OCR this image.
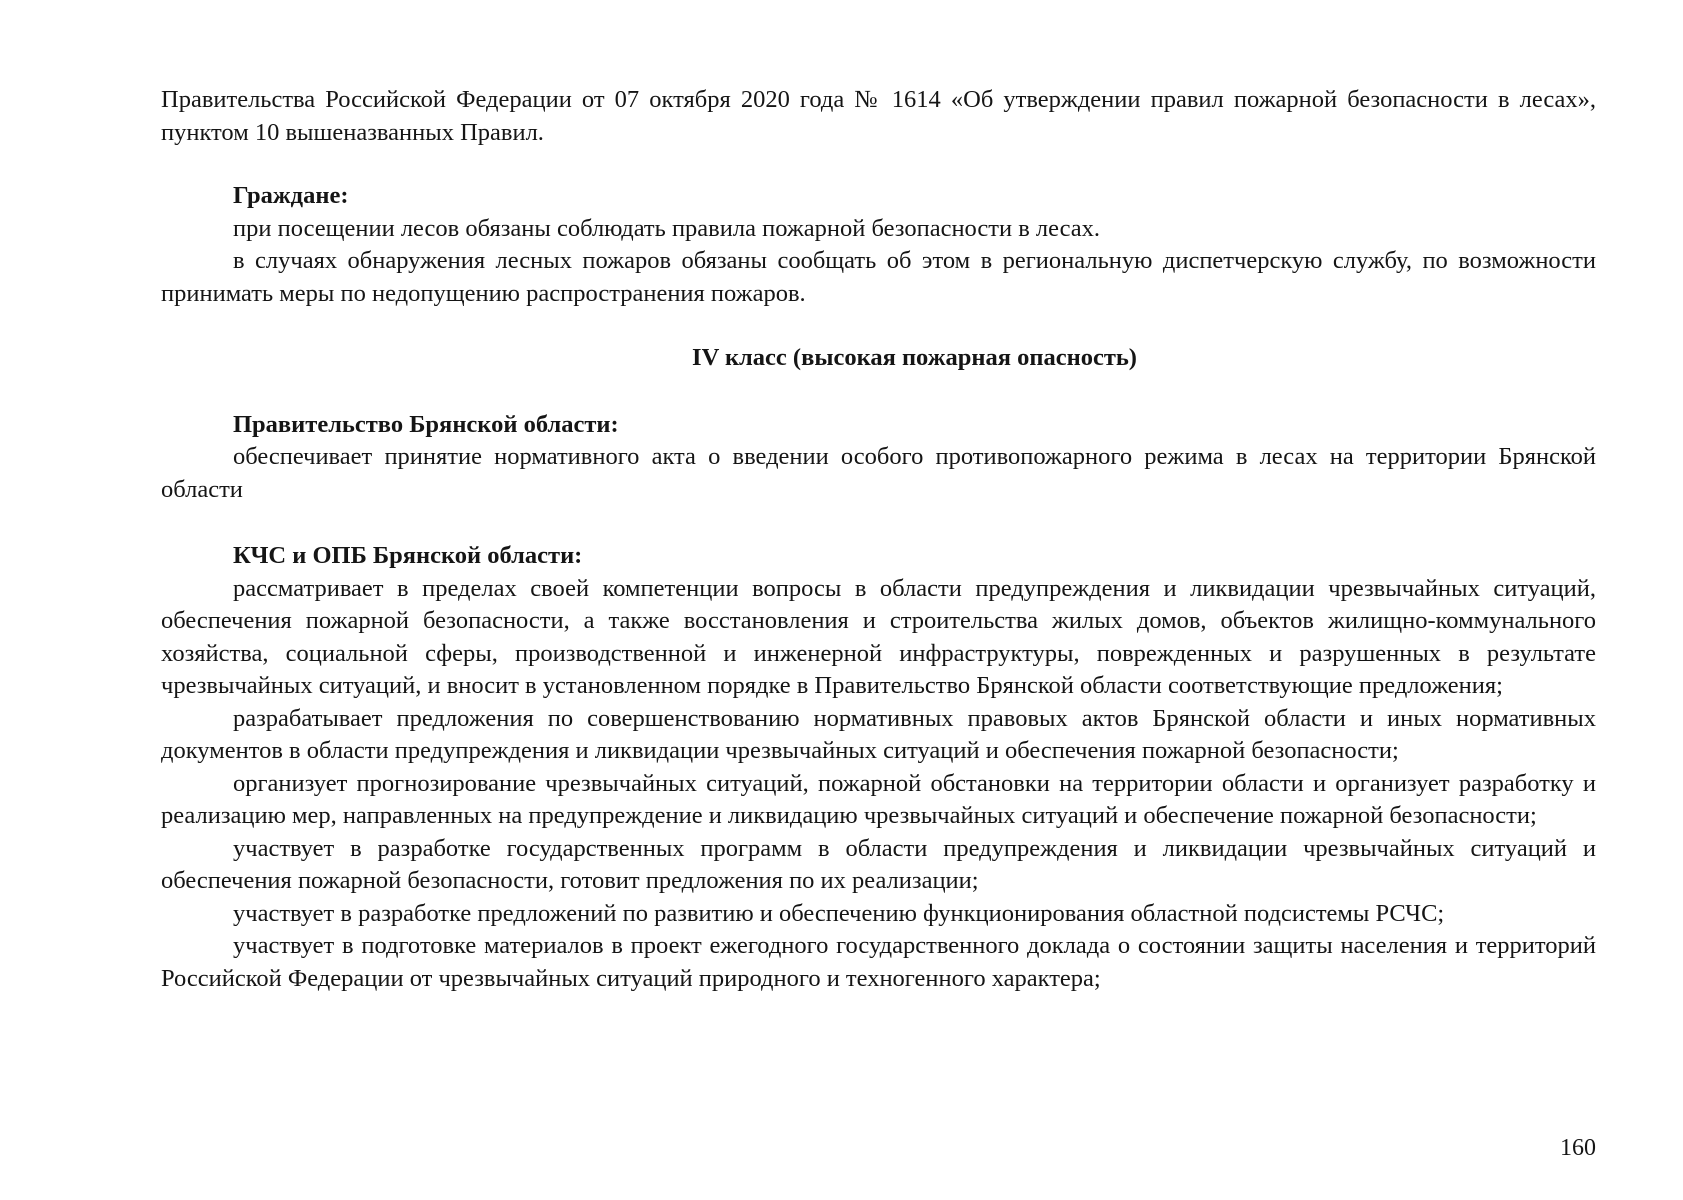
Правительства Российской Федерации от 07 октября 2020 года № 1614 «Об утверждении правил пожарной безопасности в лесах», пунктом 10 вышеназванных Правил.

Граждане:

при посещении лесов обязаны соблюдать правила пожарной безопасности в лесах.

в случаях обнаружения лесных пожаров обязаны сообщать об этом в региональную диспетчерскую службу, по возможности принимать меры по недопущению распространения пожаров.

IV класс (высокая пожарная опасность)
Правительство Брянской области:

обеспечивает принятие нормативного акта о введении особого противопожарного режима в лесах на территории Брянской области

КЧС и ОПБ Брянской области:

рассматривает в пределах своей компетенции вопросы в области предупреждения и ликвидации чрезвычайных ситуаций, обеспечения пожарной безопасности, а также восстановления и строительства жилых домов, объектов жилищно-коммунального хозяйства, социальной сферы, производственной и инженерной инфраструктуры, поврежденных и разрушенных в результате чрезвычайных ситуаций, и вносит в установленном порядке в Правительство Брянской области соответствующие предложения;

разрабатывает предложения по совершенствованию нормативных правовых актов Брянской области и иных нормативных документов в области предупреждения и ликвидации чрезвычайных ситуаций и обеспечения пожарной безопасности;

организует прогнозирование чрезвычайных ситуаций, пожарной обстановки на территории области и организует разработку и реализацию мер, направленных на предупреждение и ликвидацию чрезвычайных ситуаций и обеспечение пожарной безопасности;

участвует в разработке государственных программ в области предупреждения и ликвидации чрезвычайных ситуаций и обеспечения пожарной безопасности, готовит предложения по их реализации;

участвует в разработке предложений по развитию и обеспечению функционирования областной подсистемы РСЧС;

участвует в подготовке материалов в проект ежегодного государственного доклада о состоянии защиты населения и территорий Российской Федерации от чрезвычайных ситуаций природного и техногенного характера;

160
